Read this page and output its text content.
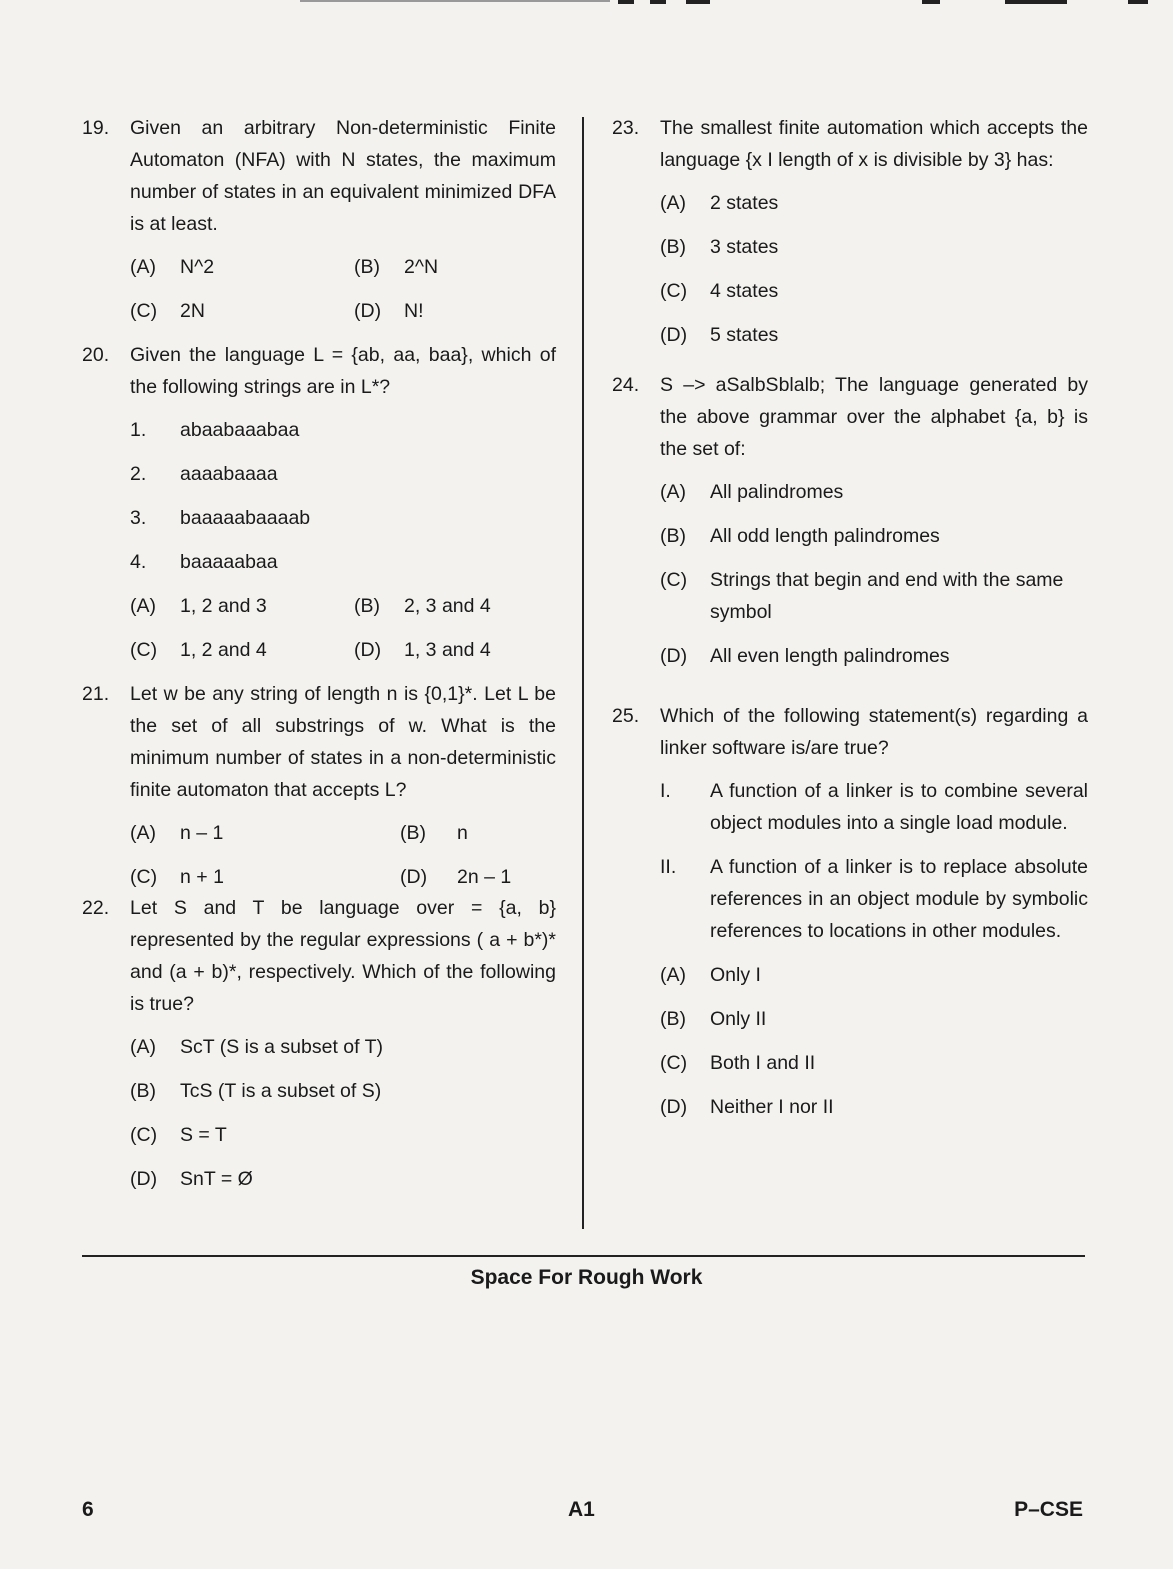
19.	Given an arbitrary Non-deterministic Finite Automaton (NFA) with N states, the maximum number of states in an equivalent minimized DFA is at least.

(A)	N^2	(B)	2^N
(C)	2N	(D)	N!
20.	Given the language L = {ab, aa, baa}, which of the following strings are in L*?

1.	abaabaaabaa
2.	aaaabaaaa
3.	baaaaabaaaab
4.	baaaaabaa
(A)	1, 2 and 3	(B)	2, 3 and 4
(C)	1, 2 and 4	(D)	1, 3 and 4
21.	Let w be any string of length n is {0,1}*. Let L be the set of all substrings of w. What is the minimum number of states in a non-deterministic finite automaton that accepts L?

(A)	n – 1	(B)	n
(C)	n + 1	(D)	2n – 1
22.	Let S and T be language over = {a, b} represented by the regular expressions ( a + b*)* and (a + b)*, respectively. Which of the following is true?

(A)	ScT (S is a subset of T)
(B)	TcS (T is a subset of S)
(C)	S = T
(D)	SnT = Ø
23.	The smallest finite automation which accepts the language {x I length of x is divisible by 3} has:

(A)	2 states
(B)	3 states
(C)	4 states
(D)	5 states
24.	S –> aSalbSblalb; The language generated by the above grammar over the alphabet {a, b} is the set of:

(A)	All palindromes
(B)	All odd length palindromes
(C)	Strings that begin and end with the same symbol
(D)	All even length palindromes
25.	Which of the following statement(s) regarding a linker software is/are true?

I.	A function of a linker is to combine several object modules into a single load module.
II.	A function of a linker is to replace absolute references in an object module by symbolic references to locations in other modules.
(A)	Only I
(B)	Only II
(C)	Both I and II
(D)	Neither I nor II
Space For Rough Work
6	A1	P–CSE
